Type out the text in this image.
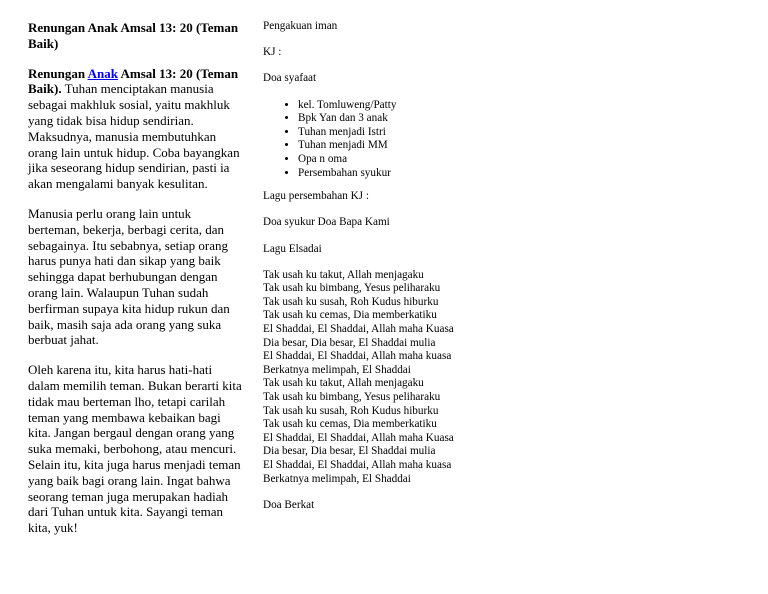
Renungan Anak Amsal 13: 20 (Teman Baik)

Renungan Anak Amsal 13: 20 (Teman Baik). Tuhan menciptakan manusia sebagai makhluk sosial, yaitu makhluk yang tidak bisa hidup sendirian. Maksudnya, manusia membutuhkan orang lain untuk hidup. Coba bayangkan jika seseorang hidup sendirian, pasti ia akan mengalami banyak kesulitan.

Manusia perlu orang lain untuk berteman, bekerja, berbagi cerita, dan sebagainya. Itu sebabnya, setiap orang harus punya hati dan sikap yang baik sehingga dapat berhubungan dengan orang lain. Walaupun Tuhan sudah berfirman supaya kita hidup rukun dan baik, masih saja ada orang yang suka berbuat jahat.

Oleh karena itu, kita harus hati-hati dalam memilih teman. Bukan berarti kita tidak mau berteman lho, tetapi carilah teman yang membawa kebaikan bagi kita. Jangan bergaul dengan orang yang suka memaki, berbohong, atau mencuri. Selain itu, kita juga harus menjadi teman yang baik bagi orang lain. Ingat bahwa seorang teman juga merupakan hadiah dari Tuhan untuk kita. Sayangi teman kita, yuk!

Pengakuan iman

KJ :

Doa syafaat

• kel. Tomluweng/Patty
• Bpk Yan dan 3 anak
• Tuhan menjadi Istri
• Tuhan menjadi MM
• Opa n oma
• Persembahan syukur

Lagu persembahan KJ :

Doa syukur Doa Bapa Kami

Lagu Elsadai

Tak usah ku takut, Allah menjagaku
Tak usah ku bimbang, Yesus peliharaku
Tak usah ku susah, Roh Kudus hiburku
Tak usah ku cemas, Dia memberkatiku
El Shaddai, El Shaddai, Allah maha Kuasa
Dia besar, Dia besar, El Shaddai mulia
El Shaddai, El Shaddai, Allah maha kuasa
Berkatnya melimpah, El Shaddai
Tak usah ku takut, Allah menjagaku
Tak usah ku bimbang, Yesus peliharaku
Tak usah ku susah, Roh Kudus hiburku
Tak usah ku cemas, Dia memberkatiku
El Shaddai, El Shaddai, Allah maha Kuasa
Dia besar, Dia besar, El Shaddai mulia
El Shaddai, El Shaddai, Allah maha kuasa
Berkatnya melimpah, El Shaddai

Doa Berkat
